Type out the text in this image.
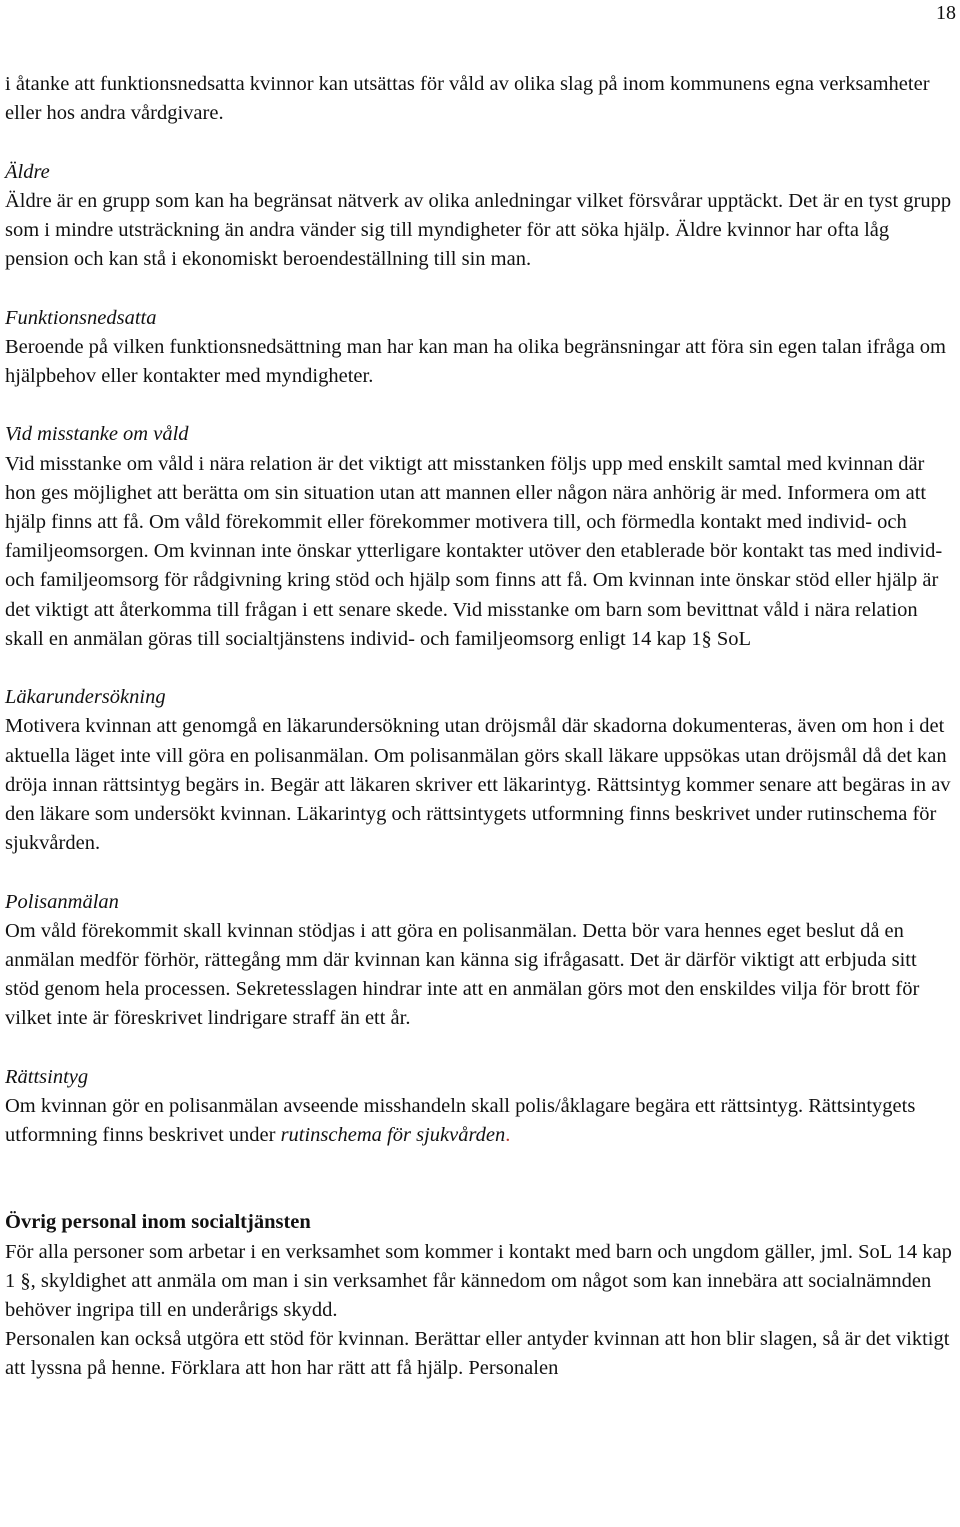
18

i åtanke att funktionsnedsatta kvinnor kan utsättas för våld av olika slag på inom kommunens egna verksamheter eller hos andra vårdgivare.

Äldre

Äldre är en grupp som kan ha begränsat nätverk av olika anledningar vilket försvårar upptäckt. Det är en tyst grupp som i mindre utsträckning än andra vänder sig till myndigheter för att söka hjälp. Äldre kvinnor har ofta låg pension och kan stå i ekonomiskt beroendeställning till sin man.

Funktionsnedsatta

Beroende på vilken funktionsnedsättning man har kan man ha olika begränsningar att föra sin egen talan ifråga om hjälpbehov eller kontakter med myndigheter.

Vid misstanke om våld

Vid misstanke om våld i nära relation är det viktigt att misstanken följs upp med enskilt samtal med kvinnan där hon ges möjlighet att berätta om sin situation utan att mannen eller någon nära anhörig är med. Informera om att hjälp finns att få. Om våld förekommit eller förekommer motivera till, och förmedla kontakt med individ- och familjeomsorgen. Om kvinnan inte önskar ytterligare kontakter utöver den etablerade bör kontakt tas med individ- och familjeomsorg för rådgivning kring stöd och hjälp som finns att få. Om kvinnan inte önskar stöd eller hjälp är det viktigt att återkomma till frågan i ett senare skede. Vid misstanke om barn som bevittnat våld i nära relation skall en anmälan göras till socialtjänstens individ- och familjeomsorg enligt 14 kap 1§ SoL

Läkarundersökning

Motivera kvinnan att genomgå en läkarundersökning utan dröjsmål där skadorna dokumenteras, även om hon i det aktuella läget inte vill göra en polisanmälan. Om polisanmälan görs skall läkare uppsökas utan dröjsmål då det kan dröja innan rättsintyg begärs in. Begär att läkaren skriver ett läkarintyg. Rättsintyg kommer senare att begäras in av den läkare som undersökt kvinnan. Läkarintyg och rättsintygets utformning finns beskrivet under rutinschema för sjukvården.

Polisanmälan

Om våld förekommit skall kvinnan stödjas i att göra en polisanmälan. Detta bör vara hennes eget beslut då en anmälan medför förhör, rättegång mm där kvinnan kan känna sig ifrågasatt. Det är därför viktigt att erbjuda sitt stöd genom hela processen. Sekretesslagen hindrar inte att en anmälan görs mot den enskildes vilja för brott för vilket inte är föreskrivet lindrigare straff än ett år.

Rättsintyg

Om kvinnan gör en polisanmälan avseende misshandeln skall polis/åklagare begära ett rättsintyg. Rättsintygets utformning finns beskrivet under rutinschema för sjukvården.

Övrig personal inom socialtjänsten

För alla personer som arbetar i en verksamhet som kommer i kontakt med barn och ungdom gäller, jml. SoL 14 kap 1 §, skyldighet att anmäla om man i sin verksamhet får kännedom om något som kan innebära att socialnämnden behöver ingripa till en underårigs skydd.

Personalen kan också utgöra ett stöd för kvinnan. Berättar eller antyder kvinnan att hon blir slagen, så är det viktigt att lyssna på henne. Förklara att hon har rätt att få hjälp. Personalen
